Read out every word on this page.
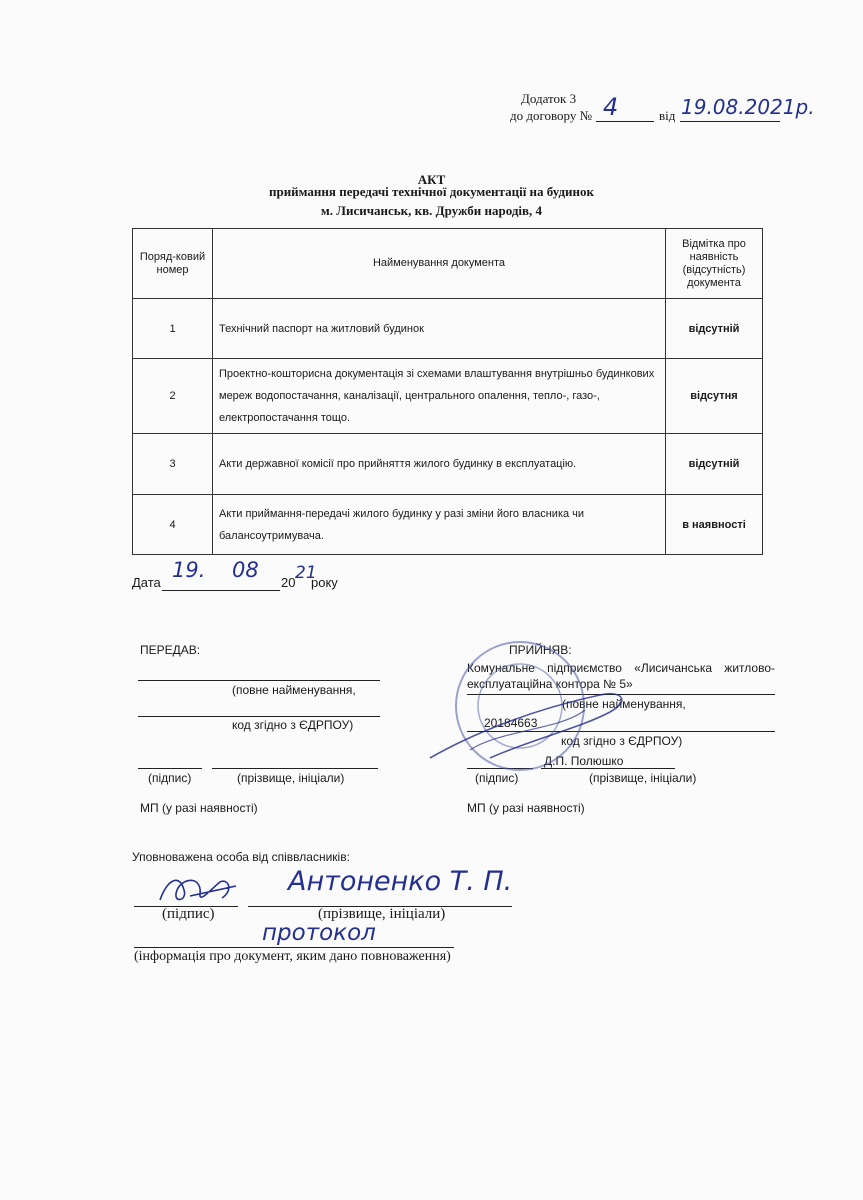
Додаток 3
до договору № 4	від 19.08.2021р.
АКТ
приймання передачі технічної документації на будинок
м. Лисичанськ, кв. Дружби народів, 4
Поряд-ковий номер	Найменування документа	Відмітка про наявність (відсутність) документа
1	Технічний паспорт на житловий будинок	відсутній
2	Проектно-кошторисна документація зі схемами влаштування внутрішньо будинкових мереж водопостачання, каналізації, центрального опалення, тепло-, газо-, електропостачання тощо.	відсутня
3	Акти державної комісії про прийняття жилого будинку в експлуатацію.	відсутній
4	Акти приймання-передачі жилого будинку у разі зміни його власника чи балансоутримувача.	в наявності
Дата
19. 08
20 21
року
ПЕРЕДАВ:
(повне найменування,
код згідно з ЄДРПОУ)
(підпис)	(прізвище, ініціали)
МП (у разі наявності)
ПРИЙНЯВ:
Комунальне підприємство «Лисичанська житлово-
експлуатаційна контора № 5»
(повне найменування,
20184663
код згідно з ЄДРПОУ)
Д.П. Полюшко
(підпис)	(прізвище, ініціали)
МП (у разі наявності)
Уповноважена особа від співвласників:
Антоненко Т. П.
(підпис)	(прізвище, ініціали)
протокол
(інформація про документ, яким дано повноваження)
